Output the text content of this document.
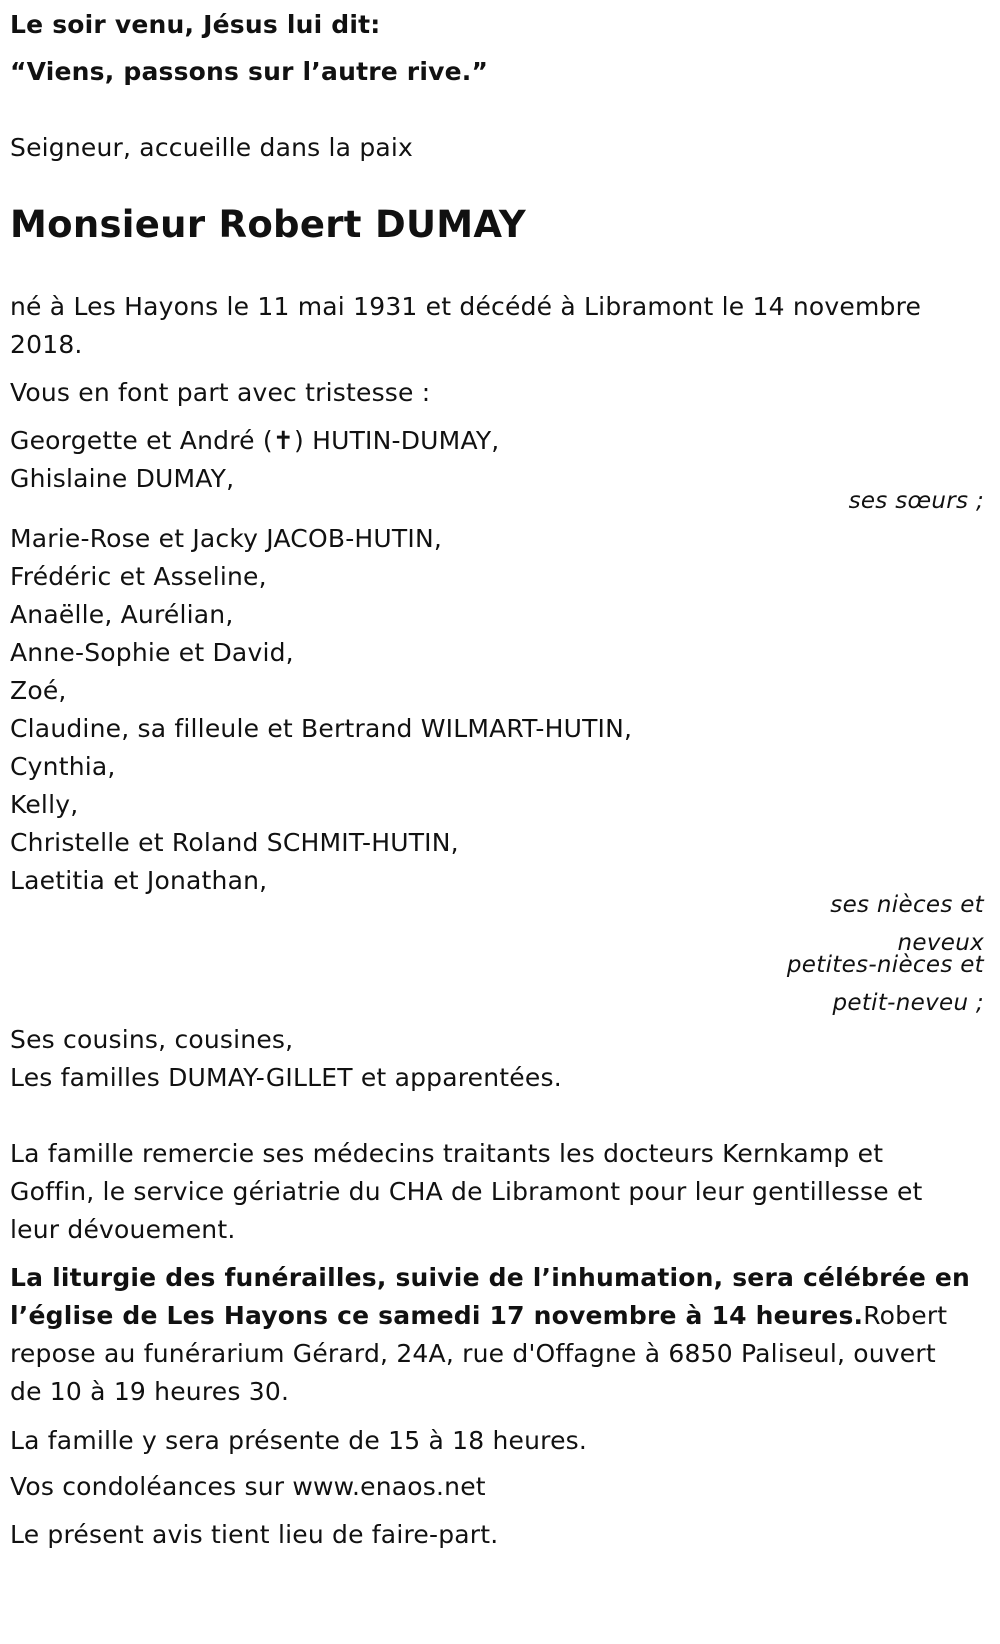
Le soir venu, Jésus lui dit:
“Viens, passons sur l’autre rive.”
Seigneur, accueille dans la paix
Monsieur Robert DUMAY
né à Les Hayons le 11 mai 1931 et décédé à Libramont le 14 novembre
2018.
Vous en font part avec tristesse :
Georgette et André (✝) HUTIN-DUMAY,
Ghislaine DUMAY,
ses sœurs ;
Marie-Rose et Jacky JACOB-HUTIN,
Frédéric et Asseline,
Anaëlle, Aurélian,
Anne-Sophie et David,
Zoé,
Claudine, sa filleule et Bertrand WILMART-HUTIN,
Cynthia,
Kelly,
Christelle et Roland SCHMIT-HUTIN,
Laetitia et Jonathan,
ses nièces et
neveux
petites-nièces et
petit-neveu ;
Ses cousins, cousines,
Les familles DUMAY-GILLET et apparentées.
La famille remercie ses médecins traitants les docteurs Kernkamp et
Goffin, le service gériatrie du CHA de Libramont pour leur gentillesse et
leur dévouement.
La liturgie des funérailles, suivie de l’inhumation, sera célébrée en
l’église de Les Hayons ce samedi 17 novembre à 14 heures.Robert
repose au funérarium Gérard, 24A, rue d'Offagne à 6850 Paliseul, ouvert
de 10 à 19 heures 30.
La famille y sera présente de 15 à 18 heures.
Vos condoléances sur www.enaos.net
Le présent avis tient lieu de faire-part.
